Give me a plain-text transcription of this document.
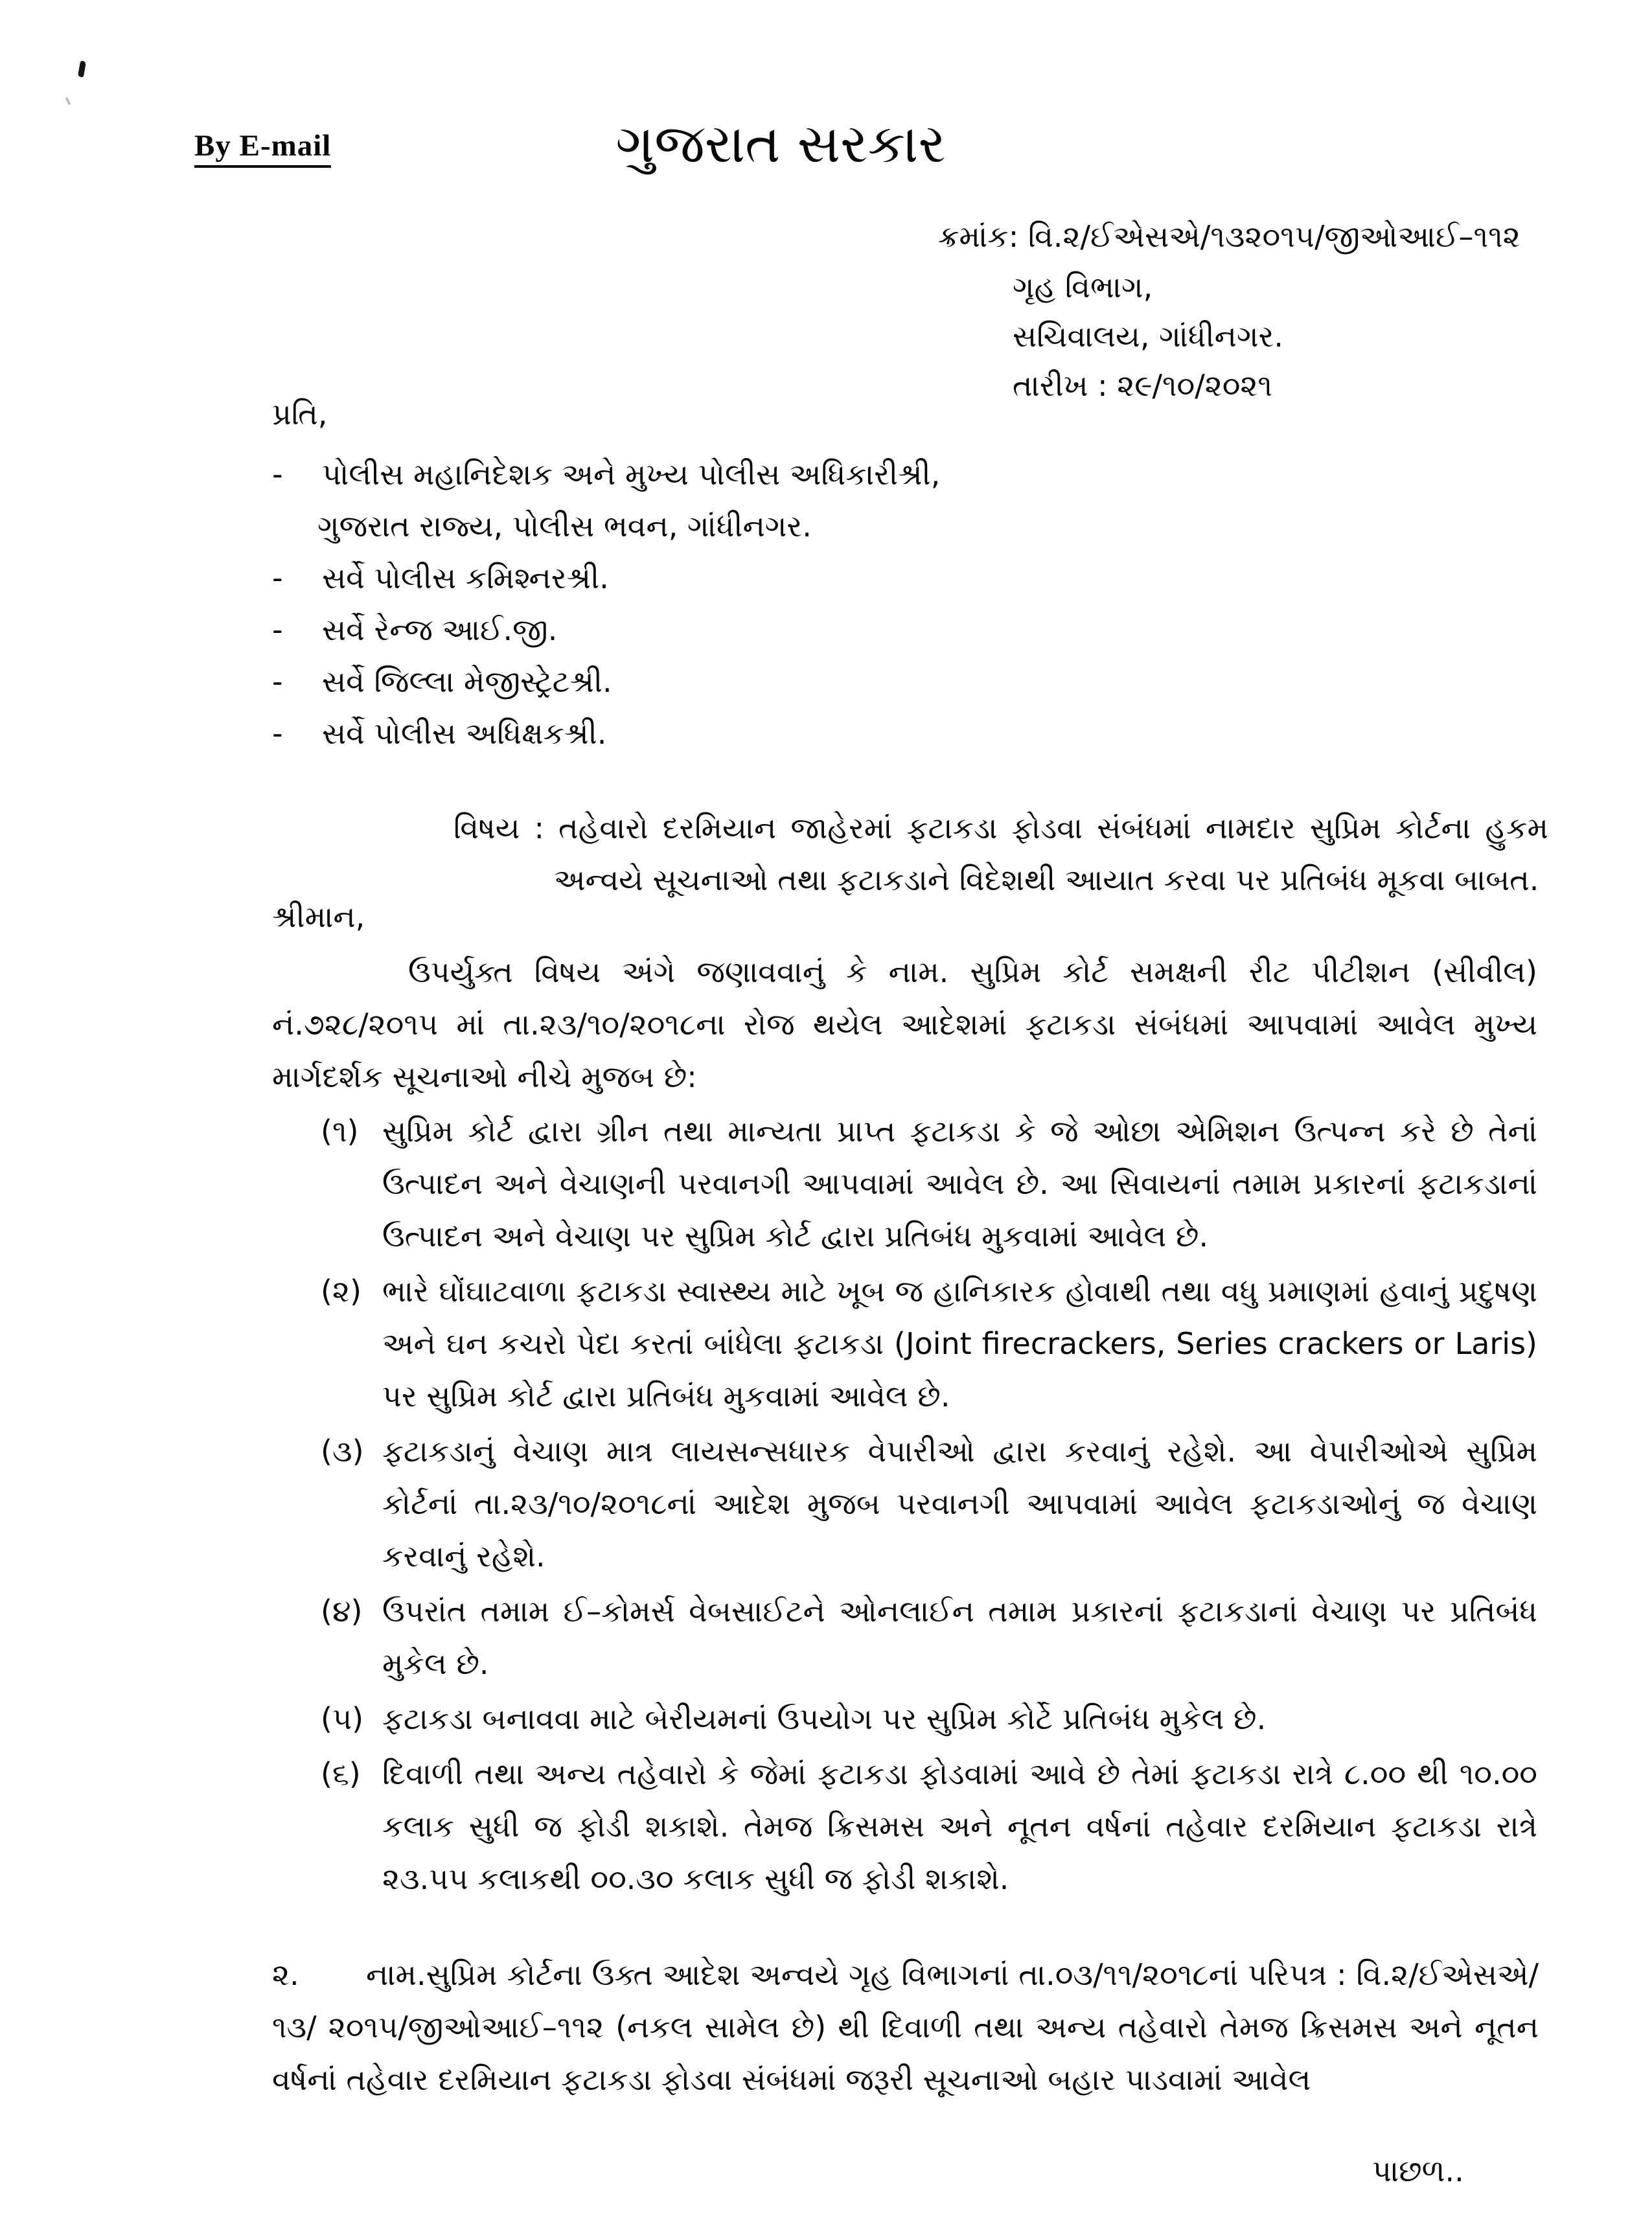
By E-mail	ગુજરાત સરકાર
ક્રમાંક: વિ.૨/ઈએસએ/૧૩૨૦૧૫/જીઓઆઈ–૧૧૨
ગૃહ વિભાગ,
સચિવાલય, ગાંધીનગર.
તારીખ : ૨૯/૧૦/૨૦૨૧
પ્રતિ,
-	પોલીસ મહાનિદેશક અને મુખ્ય પોલીસ અધિકારીશ્રી,
ગુજરાત રાજ્ય, પોલીસ ભવન, ગાંધીનગર.
-	સર્વે પોલીસ કમિશ્નરશ્રી.
-	સર્વે રેન્જ આઈ.જી.
-	સર્વે જિલ્લા મેજીસ્ટ્રેટશ્રી.
-	સર્વે પોલીસ અધિક્ષકશ્રી.
વિષય : તહેવારો દરમિયાન જાહેરમાં ફટાકડા ફોડવા સંબંધમાં નામદાર સુપ્રિમ કોર્ટના હુકમ અન્વયે સૂચનાઓ તથા ફટાકડાને વિદેશથી આયાત કરવા પર પ્રતિબંધ મૂકવા બાબત.
શ્રીમાન,
ઉપર્યુક્ત વિષય અંગે જણાવવાનું કે નામ. સુપ્રિમ કોર્ટ સમક્ષની રીટ પીટીશન (સીવીલ) નં.૭૨૮/૨૦૧૫ માં તા.૨૩/૧૦/૨૦૧૮ના રોજ થયેલ આદેશમાં ફટાકડા સંબંધમાં આપવામાં આવેલ મુખ્ય માર્ગદર્શક સૂચનાઓ નીચે મુજબ છે:
(૧) સુપ્રિમ કોર્ટ દ્વારા ગ્રીન તથા માન્યતા પ્રાપ્ત ફટાકડા કે જે ઓછા એમિશન ઉત્પન્ન કરે છે તેનાં ઉત્પાદન અને વેચાણની પરવાનગી આપવામાં આવેલ છે. આ સિવાયનાં તમામ પ્રકારનાં ફટાકડાનાં ઉત્પાદન અને વેચાણ પર સુપ્રિમ કોર્ટ દ્વારા પ્રતિબંધ મુકવામાં આવેલ છે.
(૨) ભારે ઘોંઘાટવાળા ફટાકડા સ્વાસ્થ્ય માટે ખૂબ જ હાનિકારક હોવાથી તથા વધુ પ્રમાણમાં હવાનું પ્રદુષણ અને ઘન કચરો પેદા કરતાં બાંધેલા ફટાકડા (Joint firecrackers, Series crackers or Laris) પર સુપ્રિમ કોર્ટ દ્વારા પ્રતિબંધ મુકવામાં આવેલ છે.
(૩) ફટાકડાનું વેચાણ માત્ર લાયસન્સધારક વેપારીઓ દ્વારા કરવાનું રહેશે. આ વેપારીઓએ સુપ્રિમ કોર્ટનાં તા.૨૩/૧૦/૨૦૧૮નાં આદેશ મુજબ પરવાનગી આપવામાં આવેલ ફટાકડાઓનું જ વેચાણ કરવાનું રહેશે.
(૪) ઉપરાંત તમામ ઈ–કોમર્સ વેબસાઈટને ઓનલાઈન તમામ પ્રકારનાં ફટાકડાનાં વેચાણ પર પ્રતિબંધ મુકેલ છે.
(૫) ફટાકડા બનાવવા માટે બેરીયમનાં ઉપયોગ પર સુપ્રિમ કોર્ટે પ્રતિબંધ મુકેલ છે.
(૬) દિવાળી તથા અન્ય તહેવારો કે જેમાં ફટાકડા ફોડવામાં આવે છે તેમાં ફટાકડા રાત્રે ૮.૦૦ થી ૧૦.૦૦ કલાક સુધી જ ફોડી શકાશે. તેમજ ક્રિસમસ અને નૂતન વર્ષનાં તહેવાર દરમિયાન ફટાકડા રાત્રે ૨૩.૫૫ કલાકથી ૦૦.૩૦ કલાક સુધી જ ફોડી શકાશે.
૨. નામ.સુપ્રિમ કોર્ટના ઉક્ત આદેશ અન્વયે ગૃહ વિભાગનાં તા.૦૩/૧૧/૨૦૧૮નાં પરિપત્ર : વિ.૨/ઈએસએ/૧૩/ ૨૦૧૫/જીઓઆઈ–૧૧૨ (નકલ સામેલ છે) થી દિવાળી તથા અન્ય તહેવારો તેમજ ક્રિસમસ અને નૂતન વર્ષનાં તહેવાર દરમિયાન ફટાકડા ફોડવા સંબંધમાં જરૂરી સૂચનાઓ બહાર પાડવામાં આવેલ
પાછળ..
